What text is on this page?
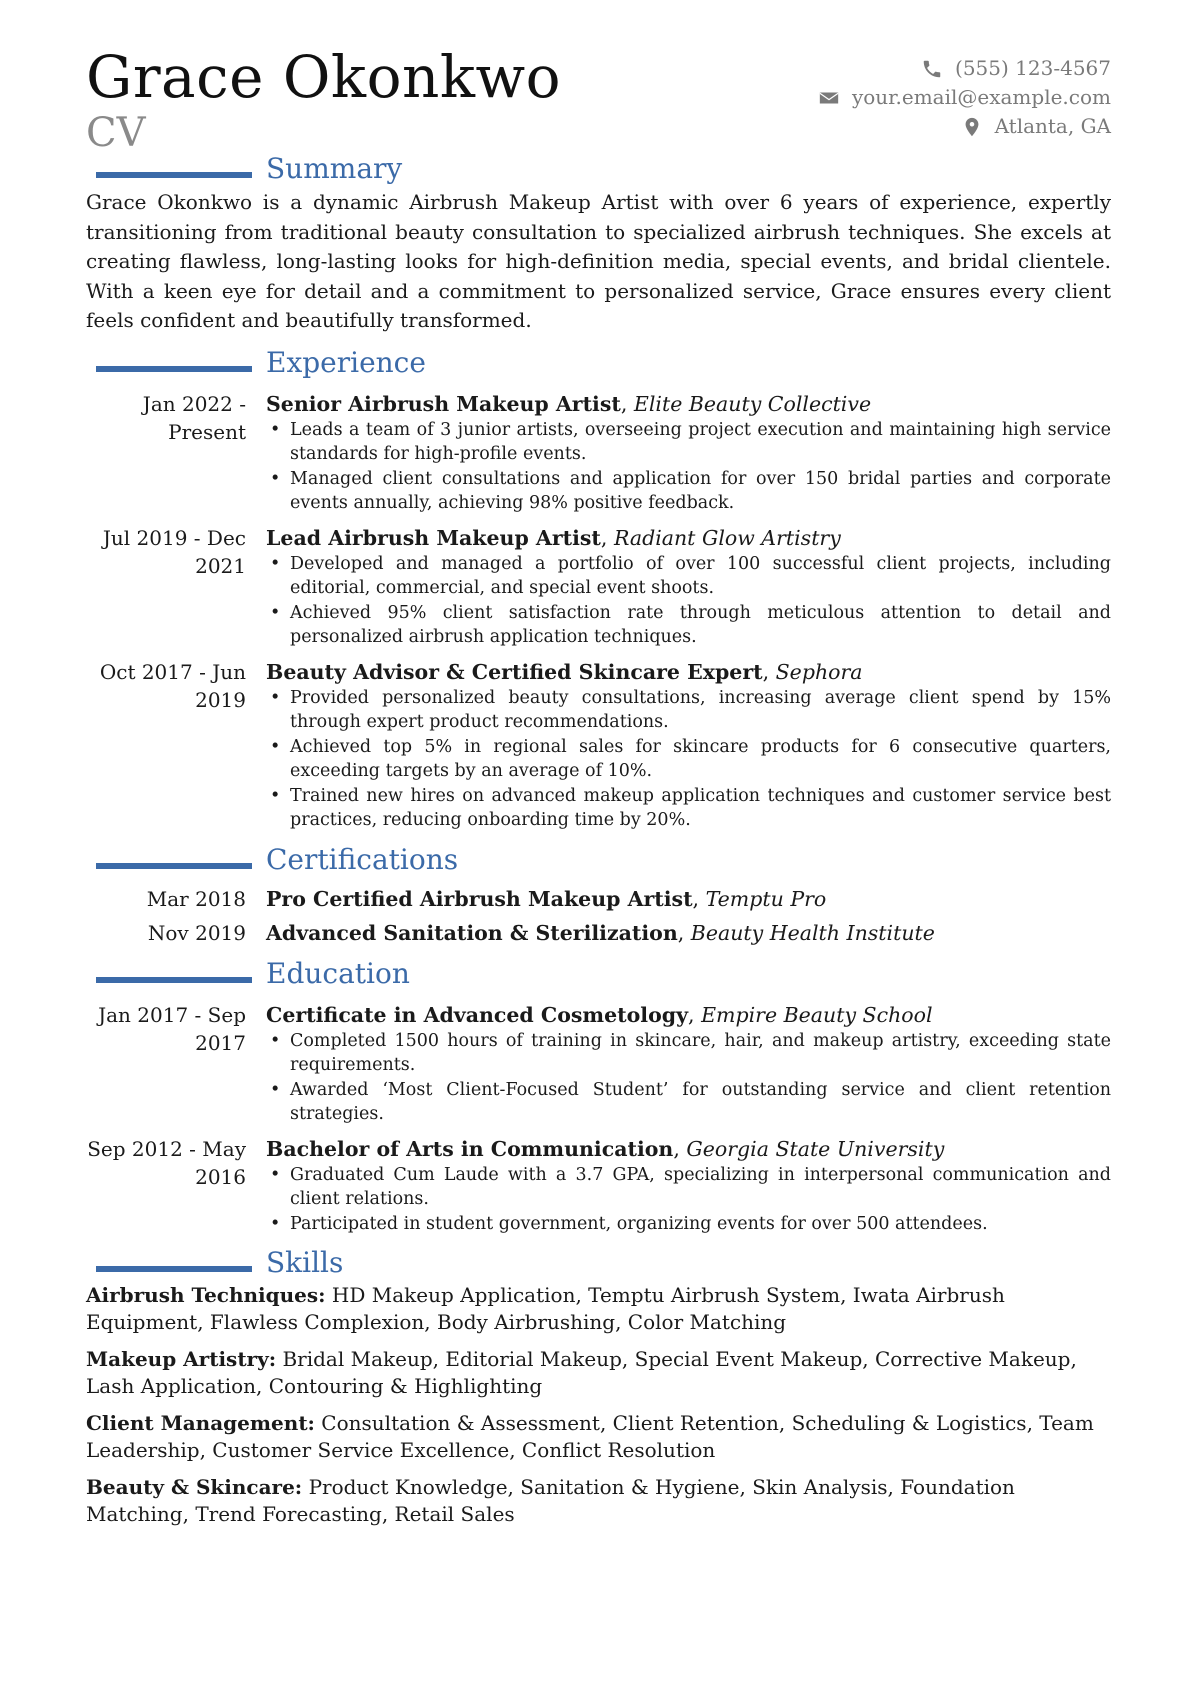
Grace Okonkwo
CV
(555) 123-4567
your.email@example.com
Atlanta, GA
Summary

Grace Okonkwo is a dynamic Airbrush Makeup Artist with over 6 years of experience, expertly transitioning from traditional beauty consultation to specialized airbrush techniques. She excels at creating flawless, long-lasting looks for high-definition media, special events, and bridal clientele. With a keen eye for detail and a commitment to personalized service, Grace ensures every client feels confident and beautifully transformed.

Experience
Jan 2022 - Present
Senior Airbrush Makeup Artist, Elite Beauty Collective
• Leads a team of 3 junior artists, overseeing project execution and maintaining high service standards for high-profile events.
• Managed client consultations and application for over 150 bridal parties and corporate events annually, achieving 98% positive feedback.
Jul 2019 - Dec 2021
Lead Airbrush Makeup Artist, Radiant Glow Artistry
• Developed and managed a portfolio of over 100 successful client projects, including editorial, commercial, and special event shoots.
• Achieved 95% client satisfaction rate through meticulous attention to detail and personalized airbrush application techniques.
Oct 2017 - Jun 2019
Beauty Advisor & Certified Skincare Expert, Sephora
• Provided personalized beauty consultations, increasing average client spend by 15% through expert product recommendations.
• Achieved top 5% in regional sales for skincare products for 6 consecutive quarters, exceeding targets by an average of 10%.
• Trained new hires on advanced makeup application techniques and customer service best practices, reducing onboarding time by 20%.
Certifications
Mar 2018 Pro Certified Airbrush Makeup Artist, Temptu Pro
Nov 2019 Advanced Sanitation & Sterilization, Beauty Health Institute
Education
Jan 2017 - Sep 2017
Certificate in Advanced Cosmetology, Empire Beauty School
• Completed 1500 hours of training in skincare, hair, and makeup artistry, exceeding state requirements.
• Awarded ‘Most Client-Focused Student’ for outstanding service and client retention strategies.
Sep 2012 - May 2016
Bachelor of Arts in Communication, Georgia State University
• Graduated Cum Laude with a 3.7 GPA, specializing in interpersonal communication and client relations.
• Participated in student government, organizing events for over 500 attendees.
Skills

Airbrush Techniques: HD Makeup Application, Temptu Airbrush System, Iwata Airbrush Equipment, Flawless Complexion, Body Airbrushing, Color Matching

Makeup Artistry: Bridal Makeup, Editorial Makeup, Special Event Makeup, Corrective Makeup, Lash Application, Contouring & Highlighting

Client Management: Consultation & Assessment, Client Retention, Scheduling & Logistics, Team Leadership, Customer Service Excellence, Conflict Resolution

Beauty & Skincare: Product Knowledge, Sanitation & Hygiene, Skin Analysis, Foundation Matching, Trend Forecasting, Retail Sales
